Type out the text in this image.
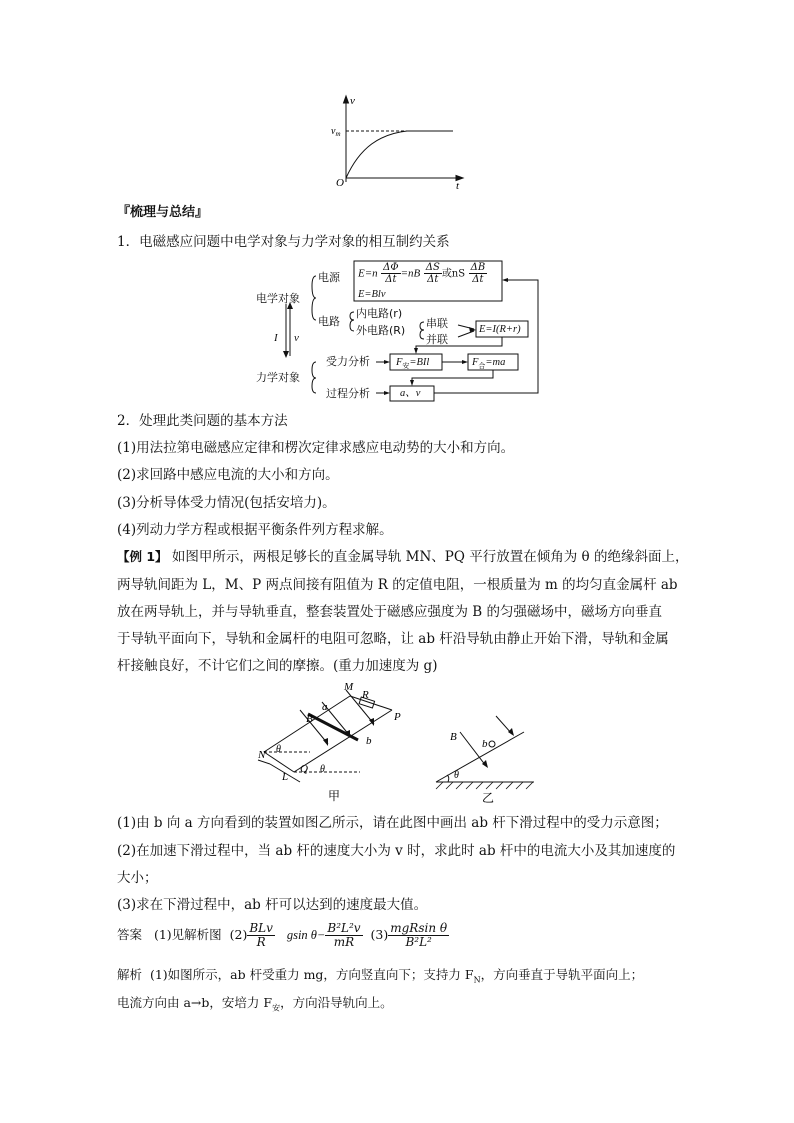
v
t
O
$v_m$
『梳理与总结』
1．电磁感应问题中电学对象与力学对象的相互制约关系
电学对象
力学对象
I v
电源
电路
内电路(r)
外电路(R)
串联
并联
受力分析
过程分析
$E=n \frac{\Delta\Phi}{\Delta t} =nB \frac{\Delta S}{\Delta t}$ 或nS $\frac{\Delta B}{\Delta t}$
E=Blv
E=I(R+r)
$F_安=BIl$	$F_合=ma$
a、v
2．处理此类问题的基本方法
(1)用法拉第电磁感应定律和楞次定律求感应电动势的大小和方向。
(2)求回路中感应电流的大小和方向。
(3)分析导体受力情况(包括安培力)。
(4)列动力学方程或根据平衡条件列方程求解。
【例 1】 如图甲所示，两根足够长的直金属导轨 MN、PQ 平行放置在倾角为 θ 的绝缘斜面上，
两导轨间距为 L，M、P 两点间接有阻值为 R 的定值电阻，一根质量为 m 的均匀直金属杆 ab
放在两导轨上，并与导轨垂直，整套装置处于磁感应强度为 B 的匀强磁场中，磁场方向垂直
于导轨平面向下，导轨和金属杆的电阻可忽略，让 ab 杆沿导轨由静止开始下滑，导轨和金属
杆接触良好，不计它们之间的摩擦。(重力加速度为 g)
M
R
P
B
a
b
N
Q
L
θ
θ
甲
B
b
θ
乙
(1)由 b 向 a 方向看到的装置如图乙所示，请在此图中画出 ab 杆下滑过程中的受力示意图；
(2)在加速下滑过程中，当 ab 杆的速度大小为 v 时，求此时 ab 杆中的电流大小及其加速度的
大小；
(3)求在下滑过程中，ab 杆可以达到的速度最大值。
答案 (1)见解析图 $(2) \frac{\text{BLv}}{R}$ gsin $\theta- \frac{\text{B²L²v}}{mR} (3) \frac{\text{mgRsin θ}}{\text{B²L²}}$
解析 (1)如图所示，ab 杆受重力 mg，方向竖直向下；支持力 $F_N$，方向垂直于导轨平面向上；
电流方向由 a→b，安培力 $F_安$，方向沿导轨向上。
